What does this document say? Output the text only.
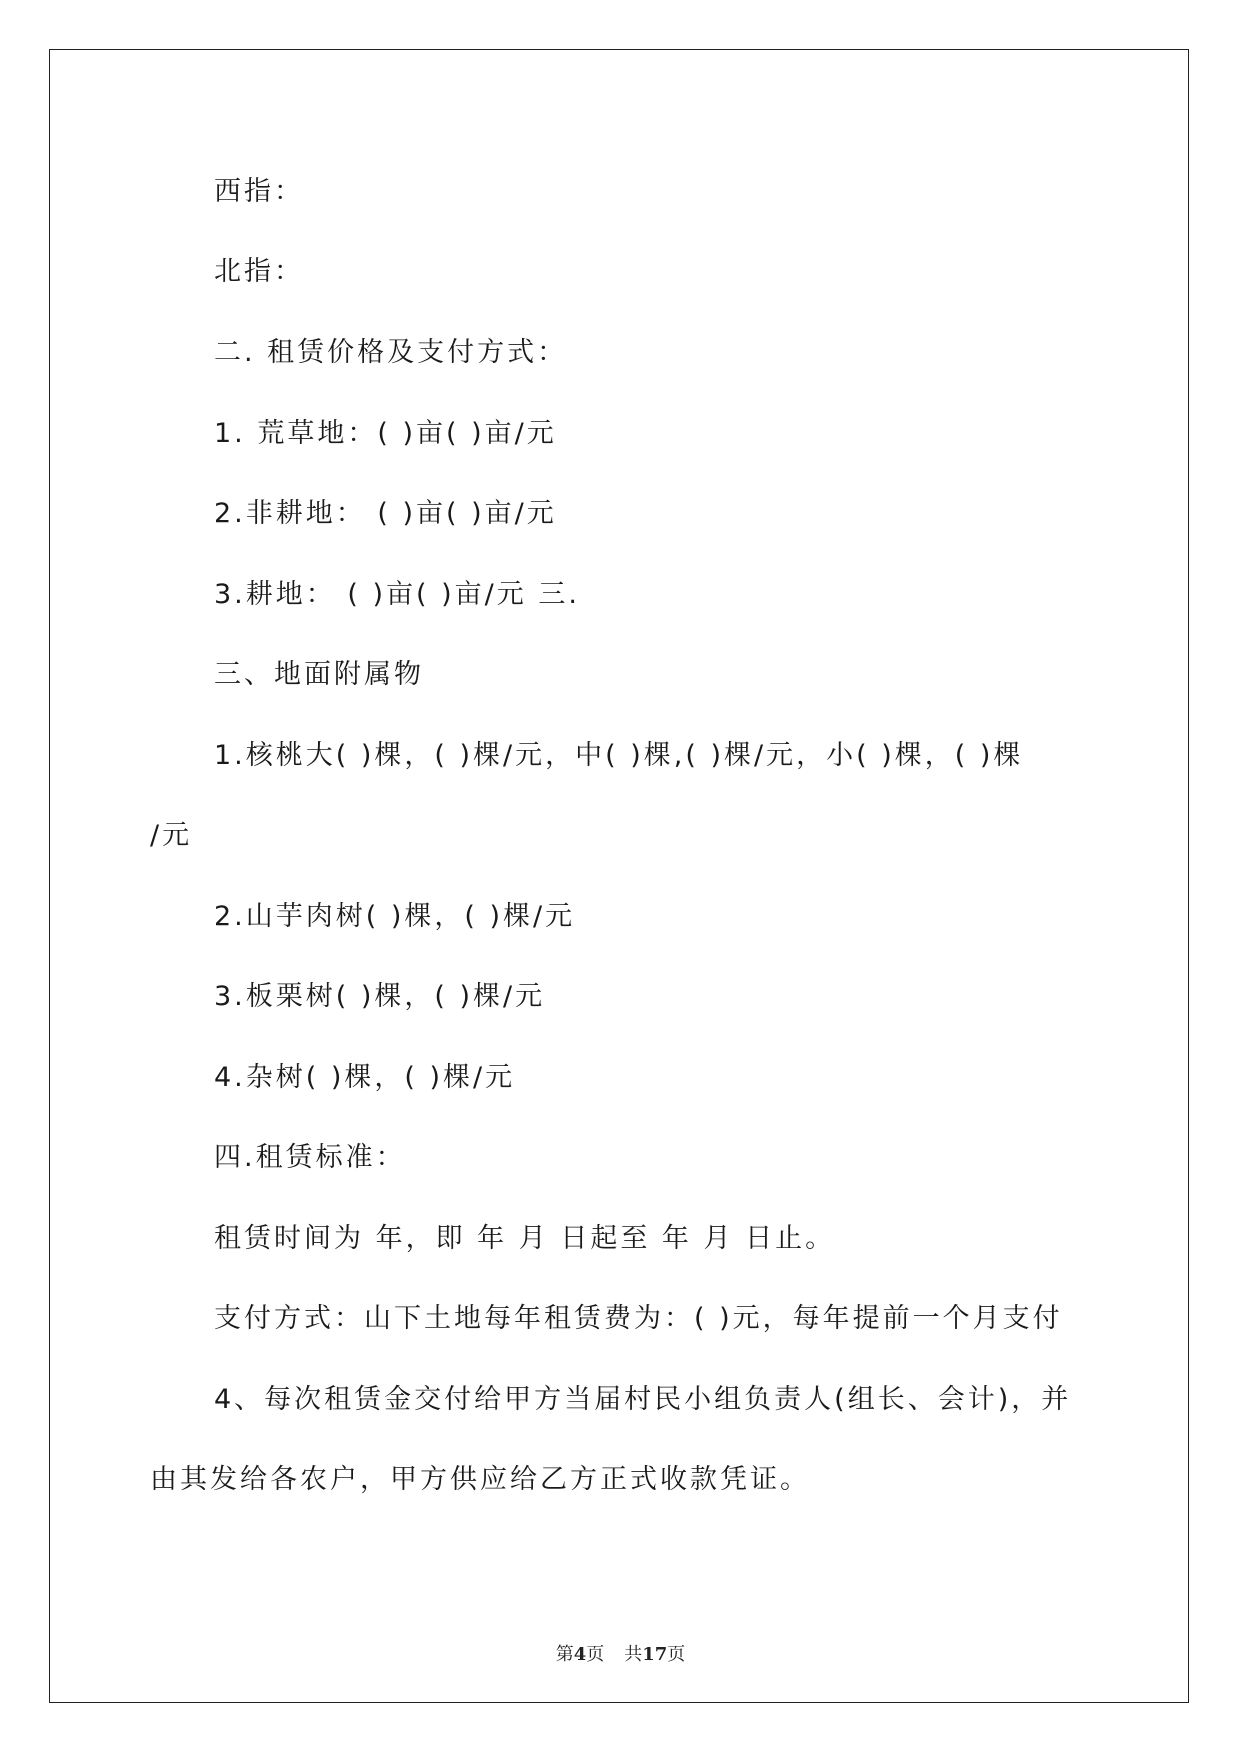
西指：
北指：
二. 租赁价格及支付方式：
1. 荒草地：( )亩( )亩/元
2.非耕地： ( )亩( )亩/元
3.耕地： ( )亩( )亩/元 三.
三、地面附属物
1.核桃大( )棵，( )棵/元，中( )棵,( )棵/元，小( )棵，( )棵
/元
2.山芋肉树( )棵，( )棵/元
3.板栗树( )棵，( )棵/元
4.杂树( )棵，( )棵/元
四.租赁标准：
租赁时间为 年，即 年 月 日起至 年 月 日止。
支付方式：山下土地每年租赁费为：( )元，每年提前一个月支付
4、每次租赁金交付给甲方当届村民小组负责人(组长、会计)，并
由其发给各农户，甲方供应给乙方正式收款凭证。
第4页 共17页
